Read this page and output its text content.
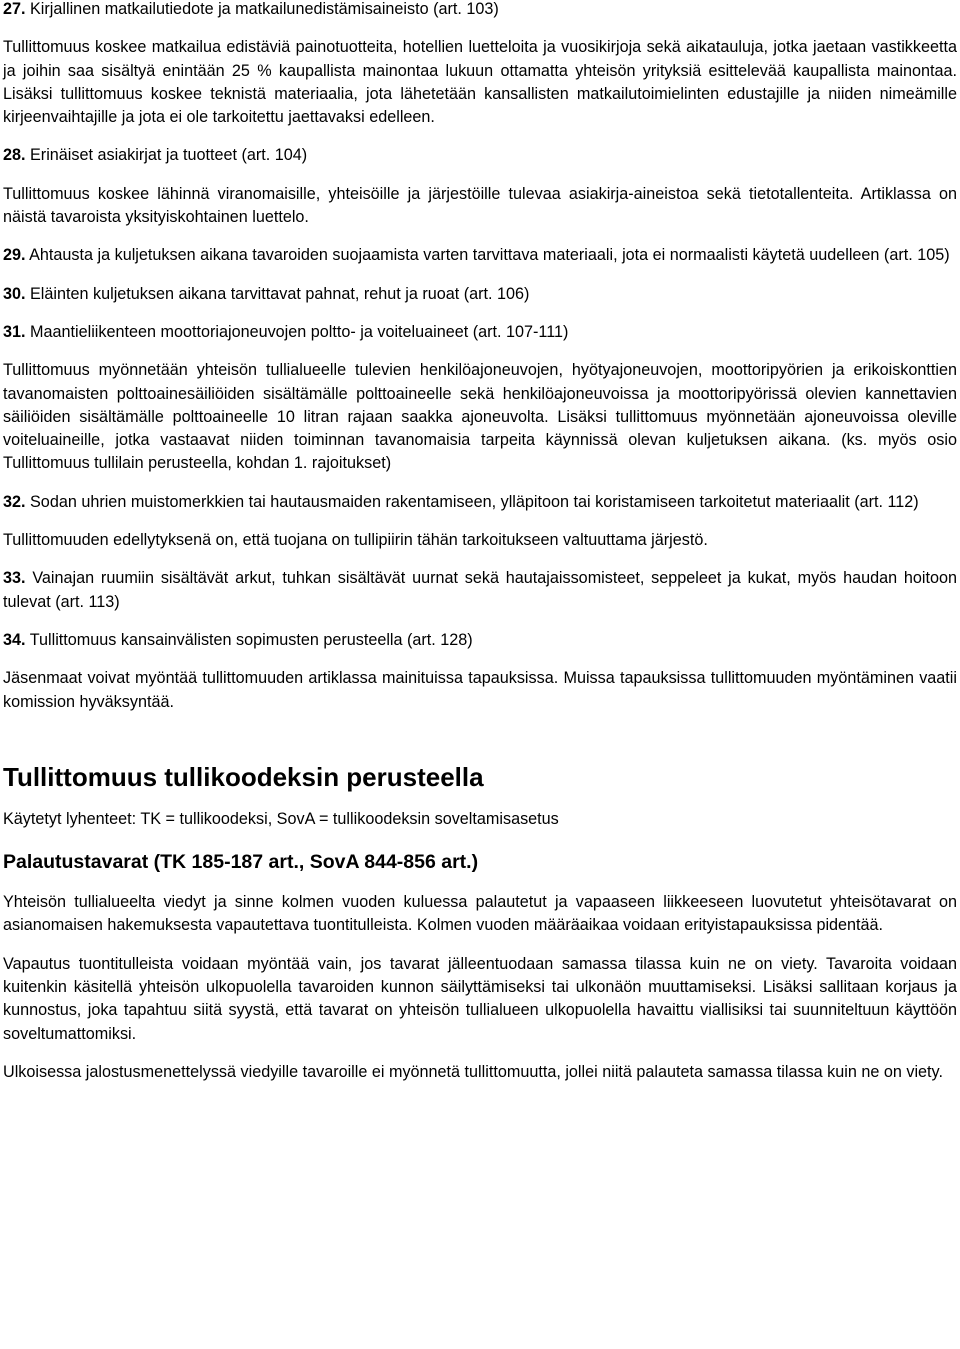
27. Kirjallinen matkailutiedote ja matkailunedistämisaineisto (art. 103)

Tullittomuus koskee matkailua edistäviä painotuotteita, hotellien luetteloita ja vuosikirjoja sekä aikatauluja, jotka jaetaan vastikkeetta ja joihin saa sisältyä enintään 25 % kaupallista mainontaa lukuun ottamatta yhteisön yrityksiä esittelevää kaupallista mainontaa. Lisäksi tullittomuus koskee teknistä materiaalia, jota lähetetään kansallisten matkailutoimielinten edustajille ja niiden nimeämille kirjeenvaihtajille ja jota ei ole tarkoitettu jaettavaksi edelleen.

28. Erinäiset asiakirjat ja tuotteet (art. 104)

Tullittomuus koskee lähinnä viranomaisille, yhteisöille ja järjestöille tulevaa asiakirja-aineistoa sekä tietotallenteita. Artiklassa on näistä tavaroista yksityiskohtainen luettelo.

29. Ahtausta ja kuljetuksen aikana tavaroiden suojaamista varten tarvittava materiaali, jota ei normaalisti käytetä uudelleen (art. 105)

30. Eläinten kuljetuksen aikana tarvittavat pahnat, rehut ja ruoat (art. 106)

31. Maantieliikenteen moottoriajoneuvojen poltto- ja voiteluaineet (art. 107-111)

Tullittomuus myönnetään yhteisön tullialueelle tulevien henkilöajoneuvojen, hyötyajoneuvojen, moottoripyörien ja erikoiskonttien tavanomaisten polttoainesäiliöiden sisältämälle polttoaineelle sekä henkilöajoneuvoissa ja moottoripyörissä olevien kannettavien säiliöiden sisältämälle polttoaineelle 10 litran rajaan saakka ajoneuvolta. Lisäksi tullittomuus myönnetään ajoneuvoissa oleville voiteluaineille, jotka vastaavat niiden toiminnan tavanomaisia tarpeita käynnissä olevan kuljetuksen aikana. (ks. myös osio Tullittomuus tullilain perusteella, kohdan 1. rajoitukset)

32. Sodan uhrien muistomerkkien tai hautausmaiden rakentamiseen, ylläpitoon tai koristamiseen tarkoitetut materiaalit (art. 112)

Tullittomuuden edellytyksenä on, että tuojana on tullipiirin tähän tarkoitukseen valtuuttama järjestö.

33. Vainajan ruumiin sisältävät arkut, tuhkan sisältävät uurnat sekä hautajaissomisteet, seppeleet ja kukat, myös haudan hoitoon tulevat (art. 113)

34. Tullittomuus kansainvälisten sopimusten perusteella (art. 128)

Jäsenmaat voivat myöntää tullittomuuden artiklassa mainituissa tapauksissa. Muissa tapauksissa tullittomuuden myöntäminen vaatii komission hyväksyntää.

Tullittomuus tullikoodeksin perusteella

Käytetyt lyhenteet: TK = tullikoodeksi, SovA = tullikoodeksin soveltamisasetus

Palautustavarat (TK 185-187 art., SovA 844-856 art.)

Yhteisön tullialueelta viedyt ja sinne kolmen vuoden kuluessa palautetut ja vapaaseen liikkeeseen luovutetut yhteisötavarat on asianomaisen hakemuksesta vapautettava tuontitulleista. Kolmen vuoden määräaikaa voidaan erityistapauksissa pidentää.

Vapautus tuontitulleista voidaan myöntää vain, jos tavarat jälleentuodaan samassa tilassa kuin ne on viety. Tavaroita voidaan kuitenkin käsitellä yhteisön ulkopuolella tavaroiden kunnon säilyttämiseksi tai ulkonäön muuttamiseksi. Lisäksi sallitaan korjaus ja kunnostus, joka tapahtuu siitä syystä, että tavarat on yhteisön tullialueen ulkopuolella havaittu viallisiksi tai suunniteltuun käyttöön soveltumattomiksi.

Ulkoisessa jalostusmenettelyssä viedyille tavaroille ei myönnetä tullittomuutta, jollei niitä palauteta samassa tilassa kuin ne on viety.
